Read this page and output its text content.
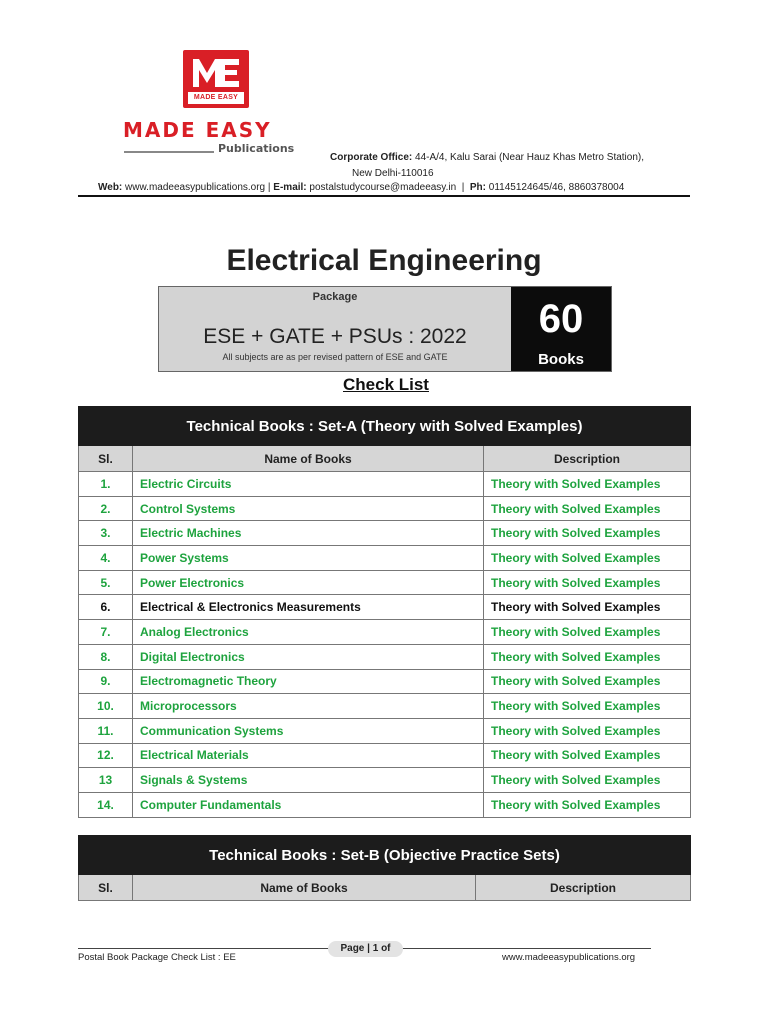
MADE EASY
MADE EASY
Publications
Corporate Office: 44-A/4, Kalu Sarai (Near Hauz Khas Metro Station),
New Delhi-110016
Web: www.madeeasypublications.org | E-mail: postalstudycourse@madeeasy.in | Ph: 01145124645/46, 8860378004
Electrical Engineering
Package
ESE + GATE + PSUs : 2022
All subjects are as per revised pattern of ESE and GATE
60
Books
Check List
Technical Books : Set-A (Theory with Solved Examples)		
Sl.	Name of Books	Description
1.	Electric Circuits	Theory with Solved Examples
2.	Control Systems	Theory with Solved Examples
3.	Electric Machines	Theory with Solved Examples
4.	Power Systems	Theory with Solved Examples
5.	Power Electronics	Theory with Solved Examples
6.	Electrical & Electronics Measurements	Theory with Solved Examples
7.	Analog Electronics	Theory with Solved Examples
8.	Digital Electronics	Theory with Solved Examples
9.	Electromagnetic Theory	Theory with Solved Examples
10.	Microprocessors	Theory with Solved Examples
11.	Communication Systems	Theory with Solved Examples
12.	Electrical Materials	Theory with Solved Examples
13	Signals & Systems	Theory with Solved Examples
14.	Computer Fundamentals	Theory with Solved Examples
Technical Books : Set-B (Objective Practice Sets)
Sl.	Name of Books	Description
Page | 1 of
Postal Book Package Check List : EE	www.madeeasypublications.org
